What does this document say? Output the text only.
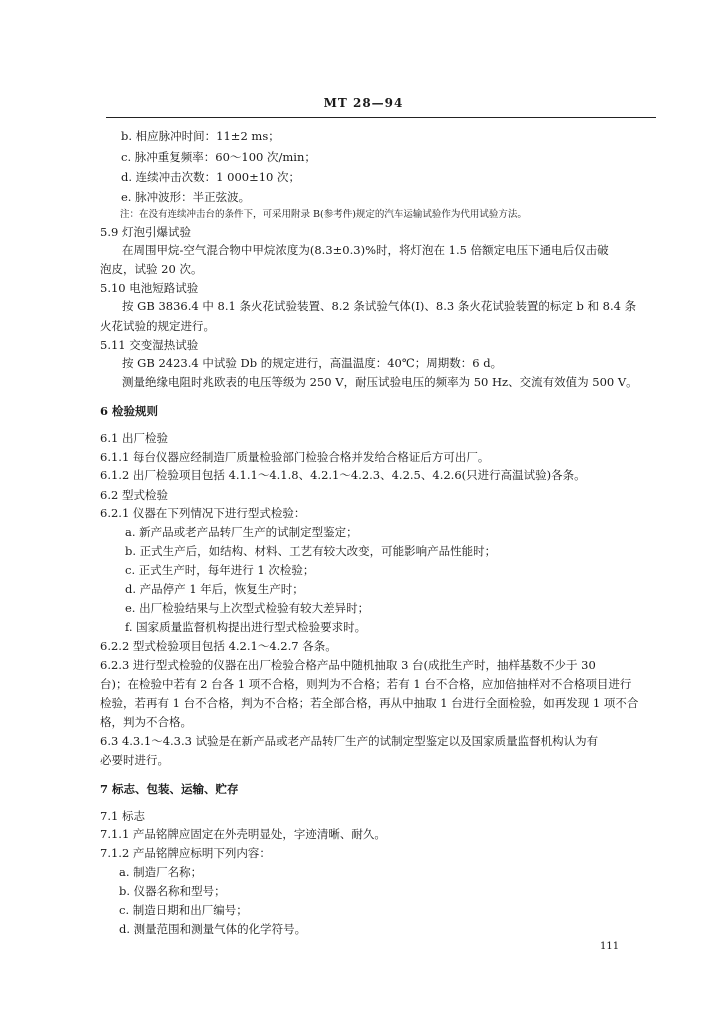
MT 28—94
b. 相应脉冲时间：11±2 ms；
c. 脉冲重复频率：60～100 次/min；
d. 连续冲击次数：1 000±10 次；
e. 脉冲波形：半正弦波。
注：在没有连续冲击台的条件下，可采用附录 B(参考件)规定的汽车运输试验作为代用试验方法。
5.9 灯泡引爆试验
在周围甲烷-空气混合物中甲烷浓度为(8.3±0.3)%时，将灯泡在 1.5 倍额定电压下通电后仅击破
泡皮，试验 20 次。
5.10 电池短路试验
按 GB 3836.4 中 8.1 条火花试验装置、8.2 条试验气体(I)、8.3 条火花试验装置的标定 b 和 8.4 条
火花试验的规定进行。
5.11 交变湿热试验
按 GB 2423.4 中试验 Db 的规定进行，高温温度：40℃；周期数：6 d。
测量绝缘电阻时兆欧表的电压等级为 250 V，耐压试验电压的频率为 50 Hz、交流有效值为 500 V。
6 检验规则
6.1 出厂检验
6.1.1 每台仪器应经制造厂质量检验部门检验合格并发给合格证后方可出厂。
6.1.2 出厂检验项目包括 4.1.1～4.1.8、4.2.1～4.2.3、4.2.5、4.2.6(只进行高温试验)各条。
6.2 型式检验
6.2.1 仪器在下列情况下进行型式检验：
a. 新产品或老产品转厂生产的试制定型鉴定；
b. 正式生产后，如结构、材料、工艺有较大改变，可能影响产品性能时；
c. 正式生产时，每年进行 1 次检验；
d. 产品停产 1 年后，恢复生产时；
e. 出厂检验结果与上次型式检验有较大差异时；
f. 国家质量监督机构提出进行型式检验要求时。
6.2.2 型式检验项目包括 4.2.1～4.2.7 各条。
6.2.3 进行型式检验的仪器在出厂检验合格产品中随机抽取 3 台(成批生产时，抽样基数不少于 30
台)；在检验中若有 2 台各 1 项不合格，则判为不合格；若有 1 台不合格，应加倍抽样对不合格项目进行
检验，若再有 1 台不合格，判为不合格；若全部合格，再从中抽取 1 台进行全面检验，如再发现 1 项不合
格，判为不合格。
6.3 4.3.1～4.3.3 试验是在新产品或老产品转厂生产的试制定型鉴定以及国家质量监督机构认为有
必要时进行。
7 标志、包装、运输、贮存
7.1 标志
7.1.1 产品铭牌应固定在外壳明显处，字迹清晰、耐久。
7.1.2 产品铭牌应标明下列内容：
a. 制造厂名称；
b. 仪器名称和型号；
c. 制造日期和出厂编号；
d. 测量范围和测量气体的化学符号。
111
